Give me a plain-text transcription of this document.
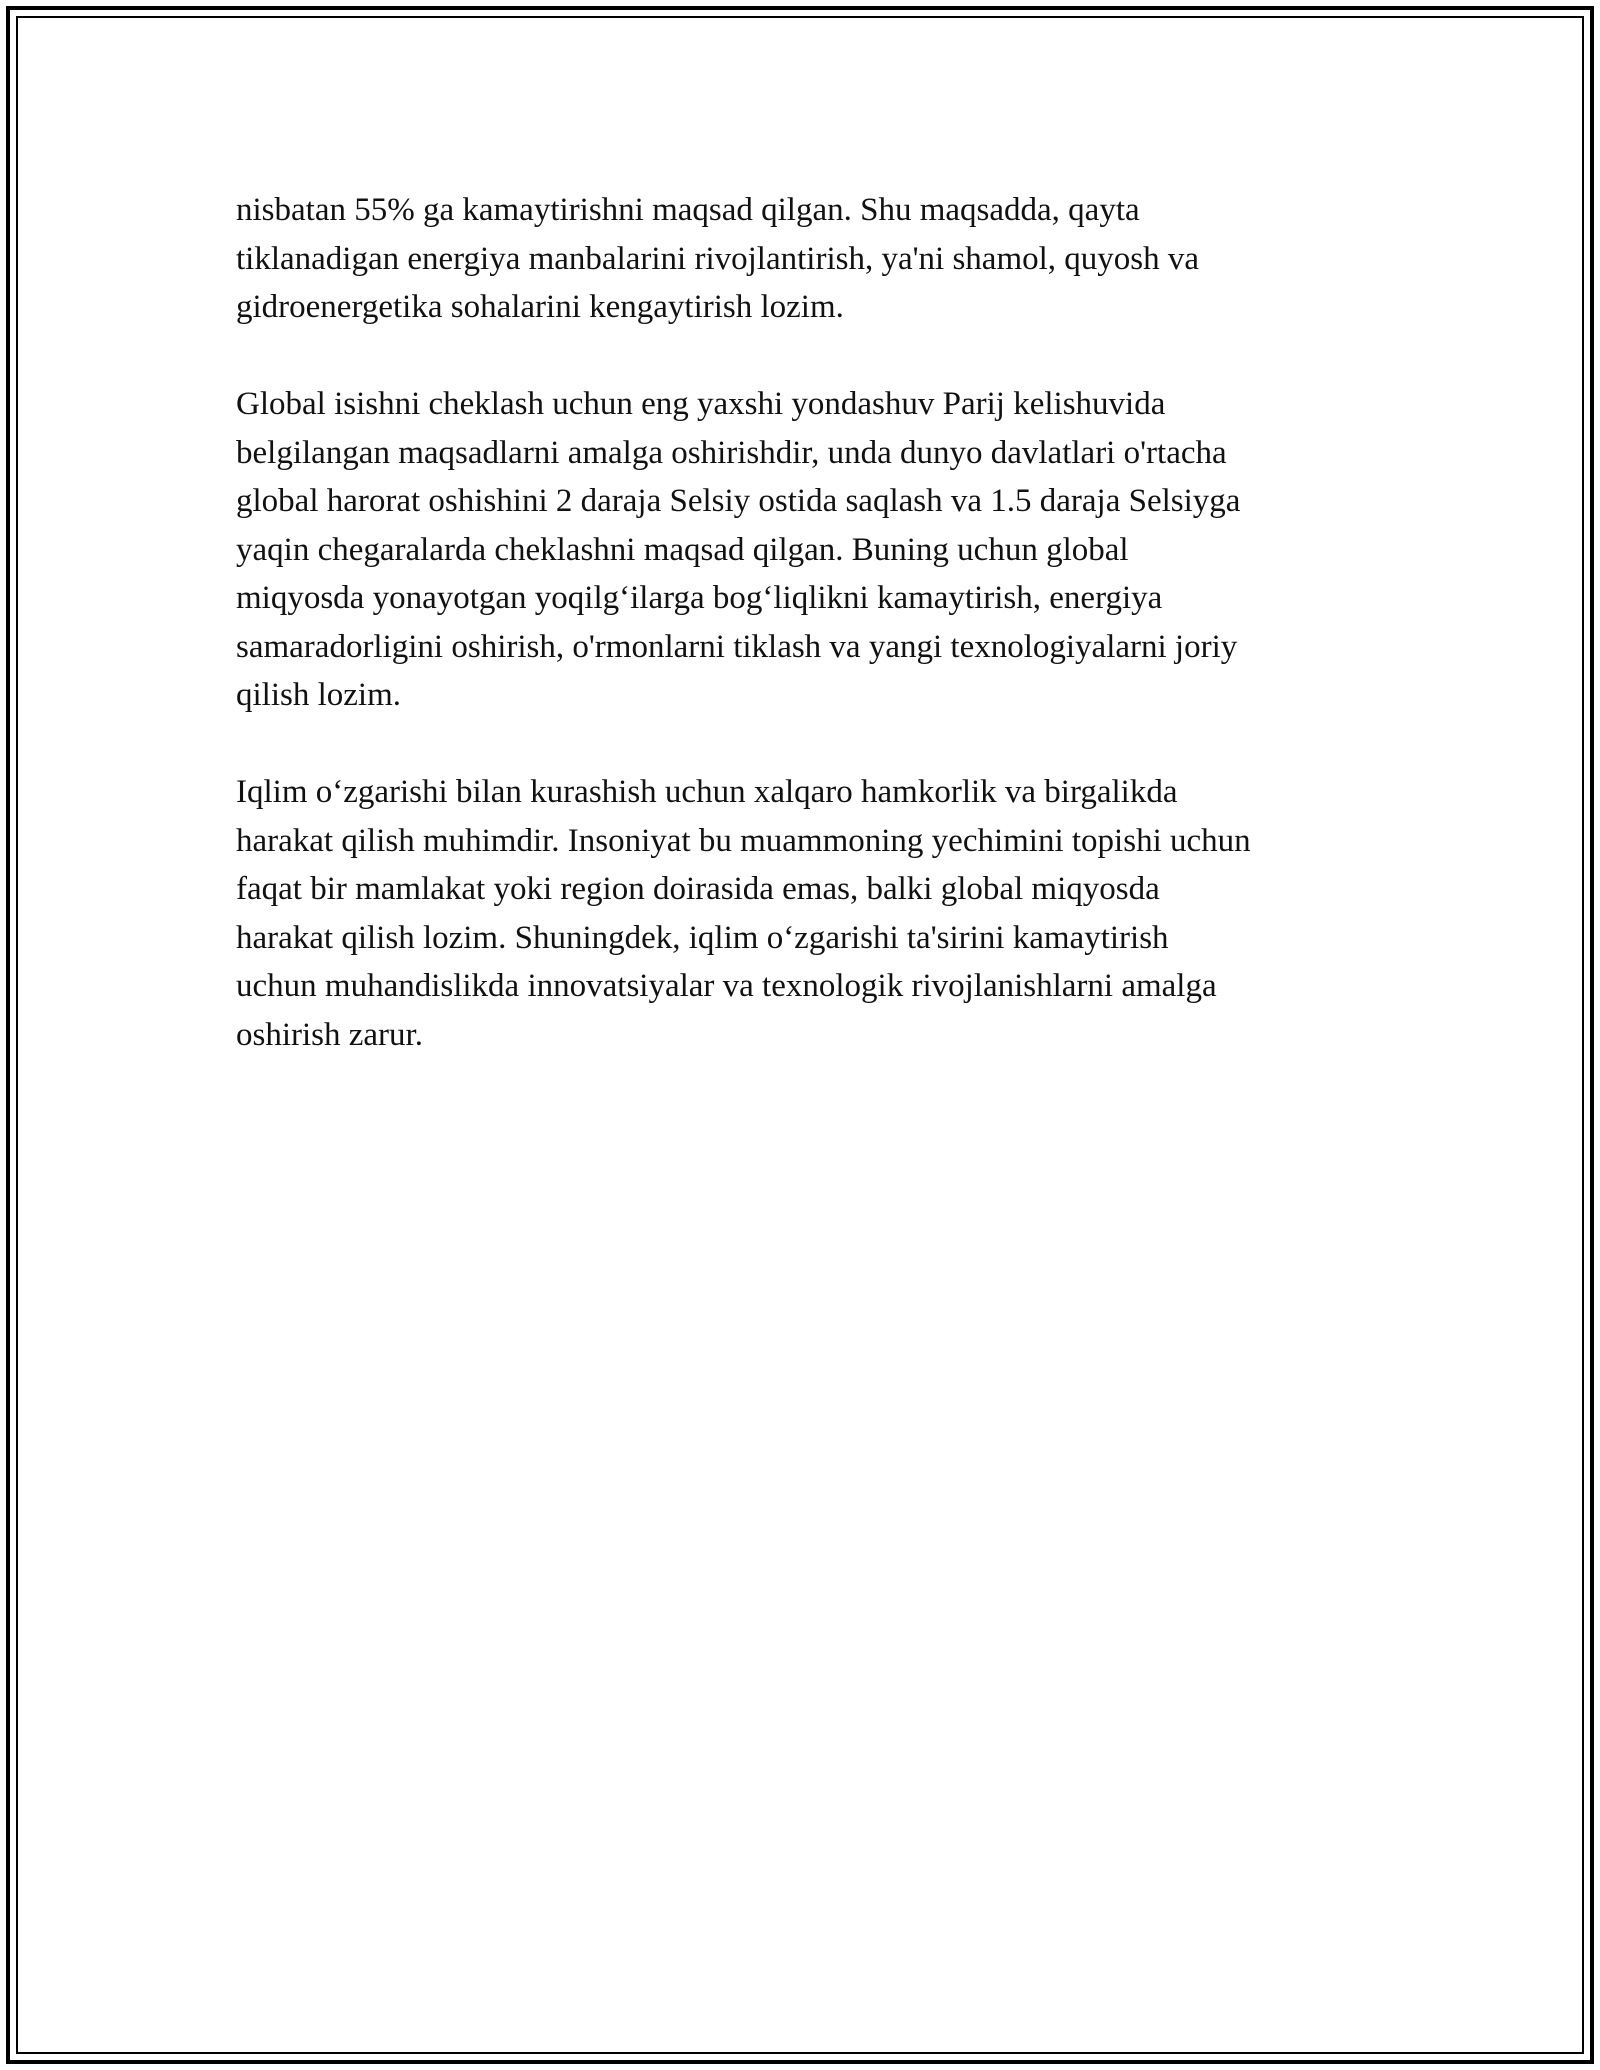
nisbatan 55% ga kamaytirishni maqsad qilgan. Shu maqsadda, qayta
tiklanadigan energiya manbalarini rivojlantirish, ya'ni shamol, quyosh va
gidroenergetika sohalarini kengaytirish lozim.

Global isishni cheklash uchun eng yaxshi yondashuv Parij kelishuvida
belgilangan maqsadlarni amalga oshirishdir, unda dunyo davlatlari o'rtacha
global harorat oshishini 2 daraja Selsiy ostida saqlash va 1.5 daraja Selsiyga
yaqin chegaralarda cheklashni maqsad qilgan. Buning uchun global
miqyosda yonayotgan yoqilg‘ilarga bog‘liqlikni kamaytirish, energiya
samaradorligini oshirish, o'rmonlarni tiklash va yangi texnologiyalarni joriy
qilish lozim.

Iqlim o‘zgarishi bilan kurashish uchun xalqaro hamkorlik va birgalikda
harakat qilish muhimdir. Insoniyat bu muammoning yechimini topishi uchun
faqat bir mamlakat yoki region doirasida emas, balki global miqyosda
harakat qilish lozim. Shuningdek, iqlim o‘zgarishi ta'sirini kamaytirish
uchun muhandislikda innovatsiyalar va texnologik rivojlanishlarni amalga
oshirish zarur.
